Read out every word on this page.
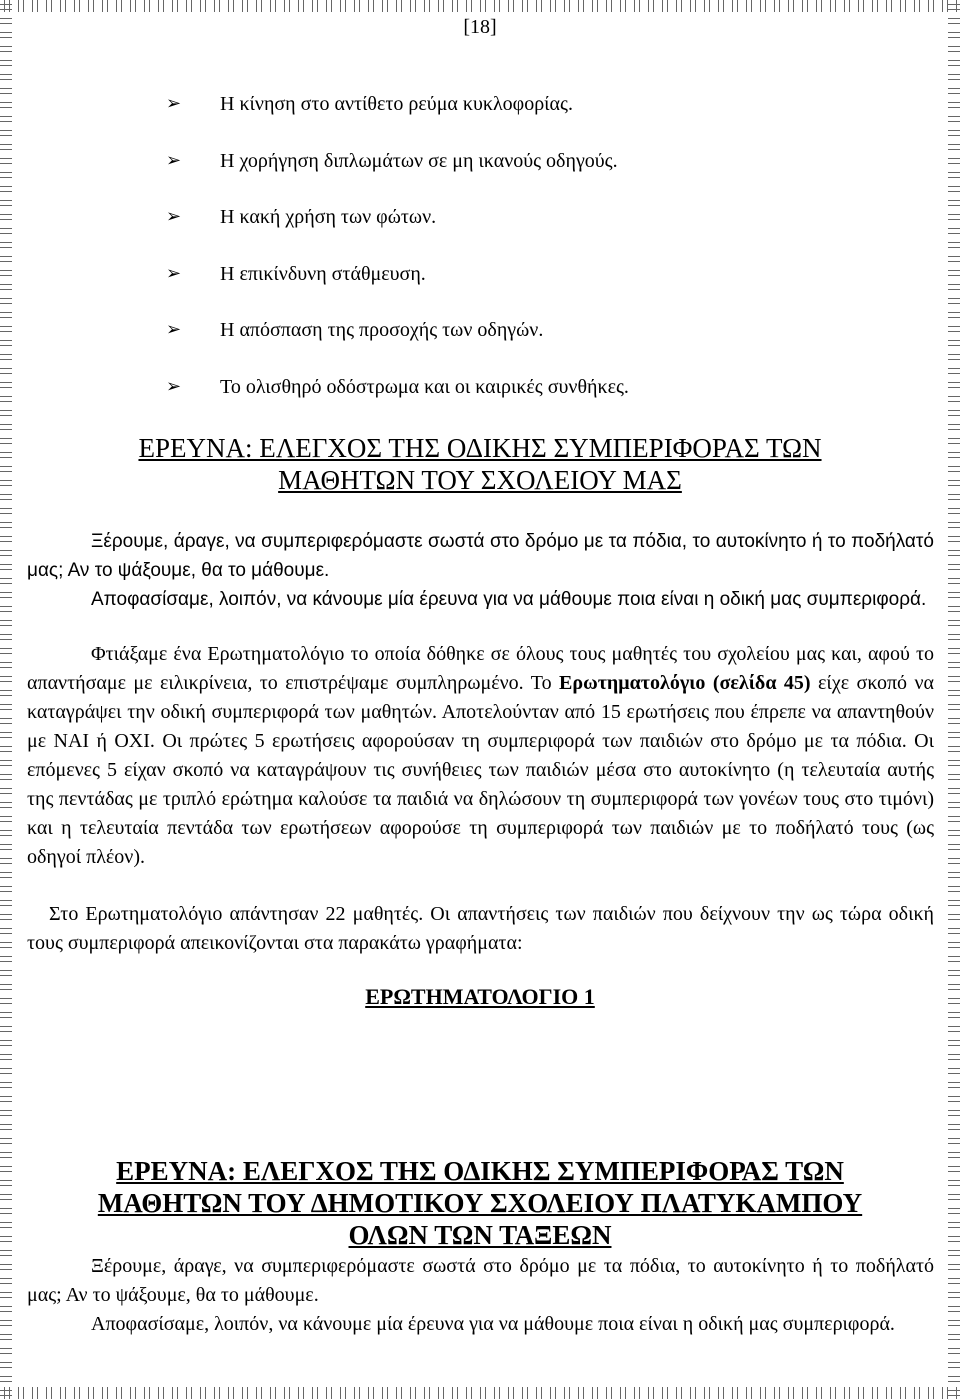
[18]
➢	Η κίνηση στο αντίθετο ρεύμα κυκλοφορίας.
➢	Η χορήγηση διπλωμάτων σε μη ικανούς οδηγούς.
➢	Η κακή χρήση των φώτων.
➢	Η επικίνδυνη στάθμευση.
➢	Η απόσπαση της προσοχής των οδηγών.
➢	Το ολισθηρό οδόστρωμα και οι καιρικές συνθήκες.
ΕΡΕΥΝΑ: ΕΛΕΓΧΟΣ ΤΗΣ ΟΔΙΚΗΣ ΣΥΜΠΕΡΙΦΟΡΑΣ ΤΩΝ
ΜΑΘΗΤΩΝ ΤΟΥ ΣΧΟΛΕΙΟΥ ΜΑΣ
Ξέρουμε, άραγε, να συμπεριφερόμαστε σωστά στο δρόμο με τα πόδια, το αυτοκίνητο ή το ποδήλατό μας; Αν το ψάξουμε, θα το μάθουμε.
Αποφασίσαμε, λοιπόν, να κάνουμε μία έρευνα για να μάθουμε ποια είναι η οδική μας συμπεριφορά.
Φτιάξαμε ένα Ερωτηματολόγιο το οποία δόθηκε σε όλους τους μαθητές του σχολείου μας και, αφού το απαντήσαμε με ειλικρίνεια, το επιστρέψαμε συμπληρωμένο. Το Ερωτηματολόγιο (σελίδα 45) είχε σκοπό να καταγράψει την οδική συμπεριφορά των μαθητών. Αποτελούνταν από 15 ερωτήσεις που έπρεπε να απαντηθούν με ΝΑΙ ή ΟΧΙ. Οι πρώτες 5 ερωτήσεις αφορούσαν τη συμπεριφορά των παιδιών στο δρόμο με τα πόδια. Οι επόμενες 5 είχαν σκοπό να καταγράψουν τις συνήθειες των παιδιών μέσα στο αυτοκίνητο (η τελευταία αυτής της πεντάδας με τριπλό ερώτημα καλούσε τα παιδιά να δηλώσουν τη συμπεριφορά των γονέων τους στο τιμόνι) και η τελευταία πεντάδα των ερωτήσεων αφορούσε τη συμπεριφορά των παιδιών με το ποδήλατό τους (ως οδηγοί πλέον).
Στο Ερωτηματολόγιο απάντησαν 22 μαθητές. Οι απαντήσεις των παιδιών που δείχνουν την ως τώρα οδική τους συμπεριφορά απεικονίζονται στα παρακάτω γραφήματα:
ΕΡΩΤΗΜΑΤΟΛΟΓΙΟ 1
ΕΡΕΥΝΑ: ΕΛΕΓΧΟΣ ΤΗΣ ΟΔΙΚΗΣ ΣΥΜΠΕΡΙΦΟΡΑΣ ΤΩΝ
ΜΑΘΗΤΩΝ ΤΟΥ ΔΗΜΟΤΙΚΟΥ ΣΧΟΛΕΙΟΥ ΠΛΑΤΥΚΑΜΠΟΥ
ΟΛΩΝ ΤΩΝ ΤΑΞΕΩΝ
Ξέρουμε, άραγε, να συμπεριφερόμαστε σωστά στο δρόμο με τα πόδια, το αυτοκίνητο ή το ποδήλατό μας; Αν το ψάξουμε, θα το μάθουμε.
Αποφασίσαμε, λοιπόν, να κάνουμε μία έρευνα για να μάθουμε ποια είναι η οδική μας συμπεριφορά.
